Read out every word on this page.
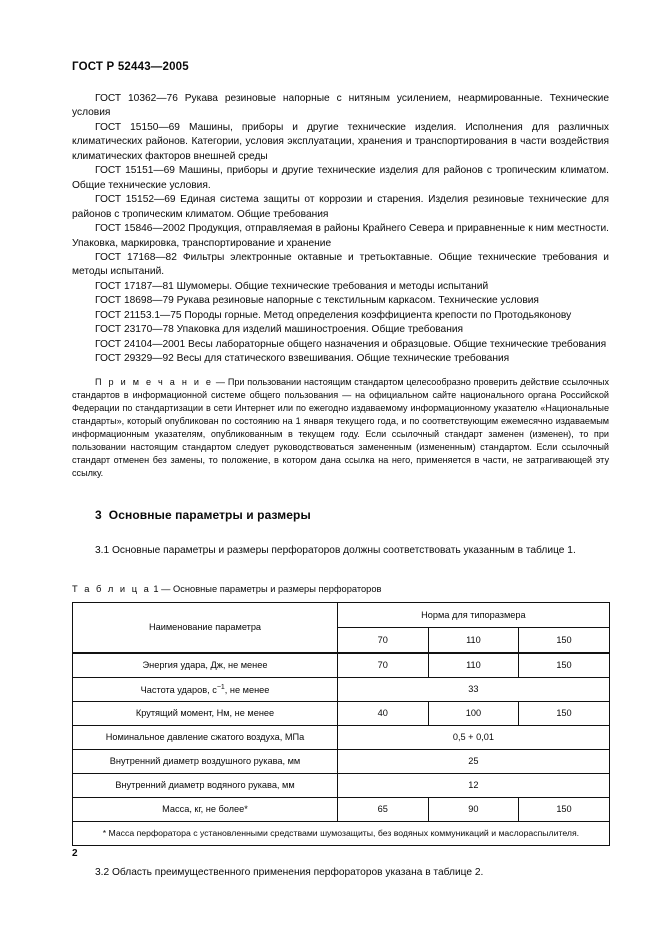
ГОСТ Р 52443—2005

ГОСТ 10362—76 Рукава резиновые напорные с нитяным усилением, неармированные. Технические условия

ГОСТ 15150—69 Машины, приборы и другие технические изделия. Исполнения для различных климатических районов. Категории, условия эксплуатации, хранения и транспортирования в части воздействия климатических факторов внешней среды

ГОСТ 15151—69 Машины, приборы и другие технические изделия для районов с тропическим климатом. Общие технические условия.

ГОСТ 15152—69 Единая система защиты от коррозии и старения. Изделия резиновые технические для районов с тропическим климатом. Общие требования

ГОСТ 15846—2002 Продукция, отправляемая в районы Крайнего Севера и приравненные к ним местности. Упаковка, маркировка, транспортирование и хранение

ГОСТ 17168—82 Фильтры электронные октавные и третьоктавные. Общие технические требования и методы испытаний.

ГОСТ 17187—81 Шумомеры. Общие технические требования и методы испытаний

ГОСТ 18698—79 Рукава резиновые напорные с текстильным каркасом. Технические условия

ГОСТ 21153.1—75 Породы горные. Метод определения коэффициента крепости по Протодьяконову

ГОСТ 23170—78 Упаковка для изделий машиностроения. Общие требования

ГОСТ 24104—2001 Весы лабораторные общего назначения и образцовые. Общие технические требования

ГОСТ 29329—92 Весы для статического взвешивания. Общие технические требования

П р и м е ч а н и е — При пользовании настоящим стандартом целесообразно проверить действие ссылочных стандартов в информационной системе общего пользования — на официальном сайте национального органа Российской Федерации по стандартизации в сети Интернет или по ежегодно издаваемому информационному указателю «Национальные стандарты», который опубликован по состоянию на 1 января текущего года, и по соответствующим ежемесячно издаваемым информационным указателям, опубликованным в текущем году. Если ссылочный стандарт заменен (изменен), то при пользовании настоящим стандартом следует руководствоваться замененным (измененным) стандартом. Если ссылочный стандарт отменен без замены, то положение, в котором дана ссылка на него, применяется в части, не затрагивающей эту ссылку.

3 Основные параметры и размеры

3.1 Основные параметры и размеры перфораторов должны соответствовать указанным в таблице 1.

Т а б л и ц а 1 — Основные параметры и размеры перфораторов

Наименование параметра	Норма для типоразмера		
	70	110	150
Энергия удара, Дж, не менее	70	110	150
Частота ударов, $с^{-1}$, не менее	33		
Крутящий момент, Нм, не менее	40	100	150
Номинальное давление сжатого воздуха, МПа	0,5 + 0,01		
Внутренний диаметр воздушного рукава, мм	25		
Внутренний диаметр водяного рукава, мм	12		
Масса, кг, не более*	65	90	150
* Масса перфоратора с установленными средствами шумозащиты, без водяных коммуникаций и маслораспылителя.			

3.2 Область преимущественного применения перфораторов указана в таблице 2.

2
